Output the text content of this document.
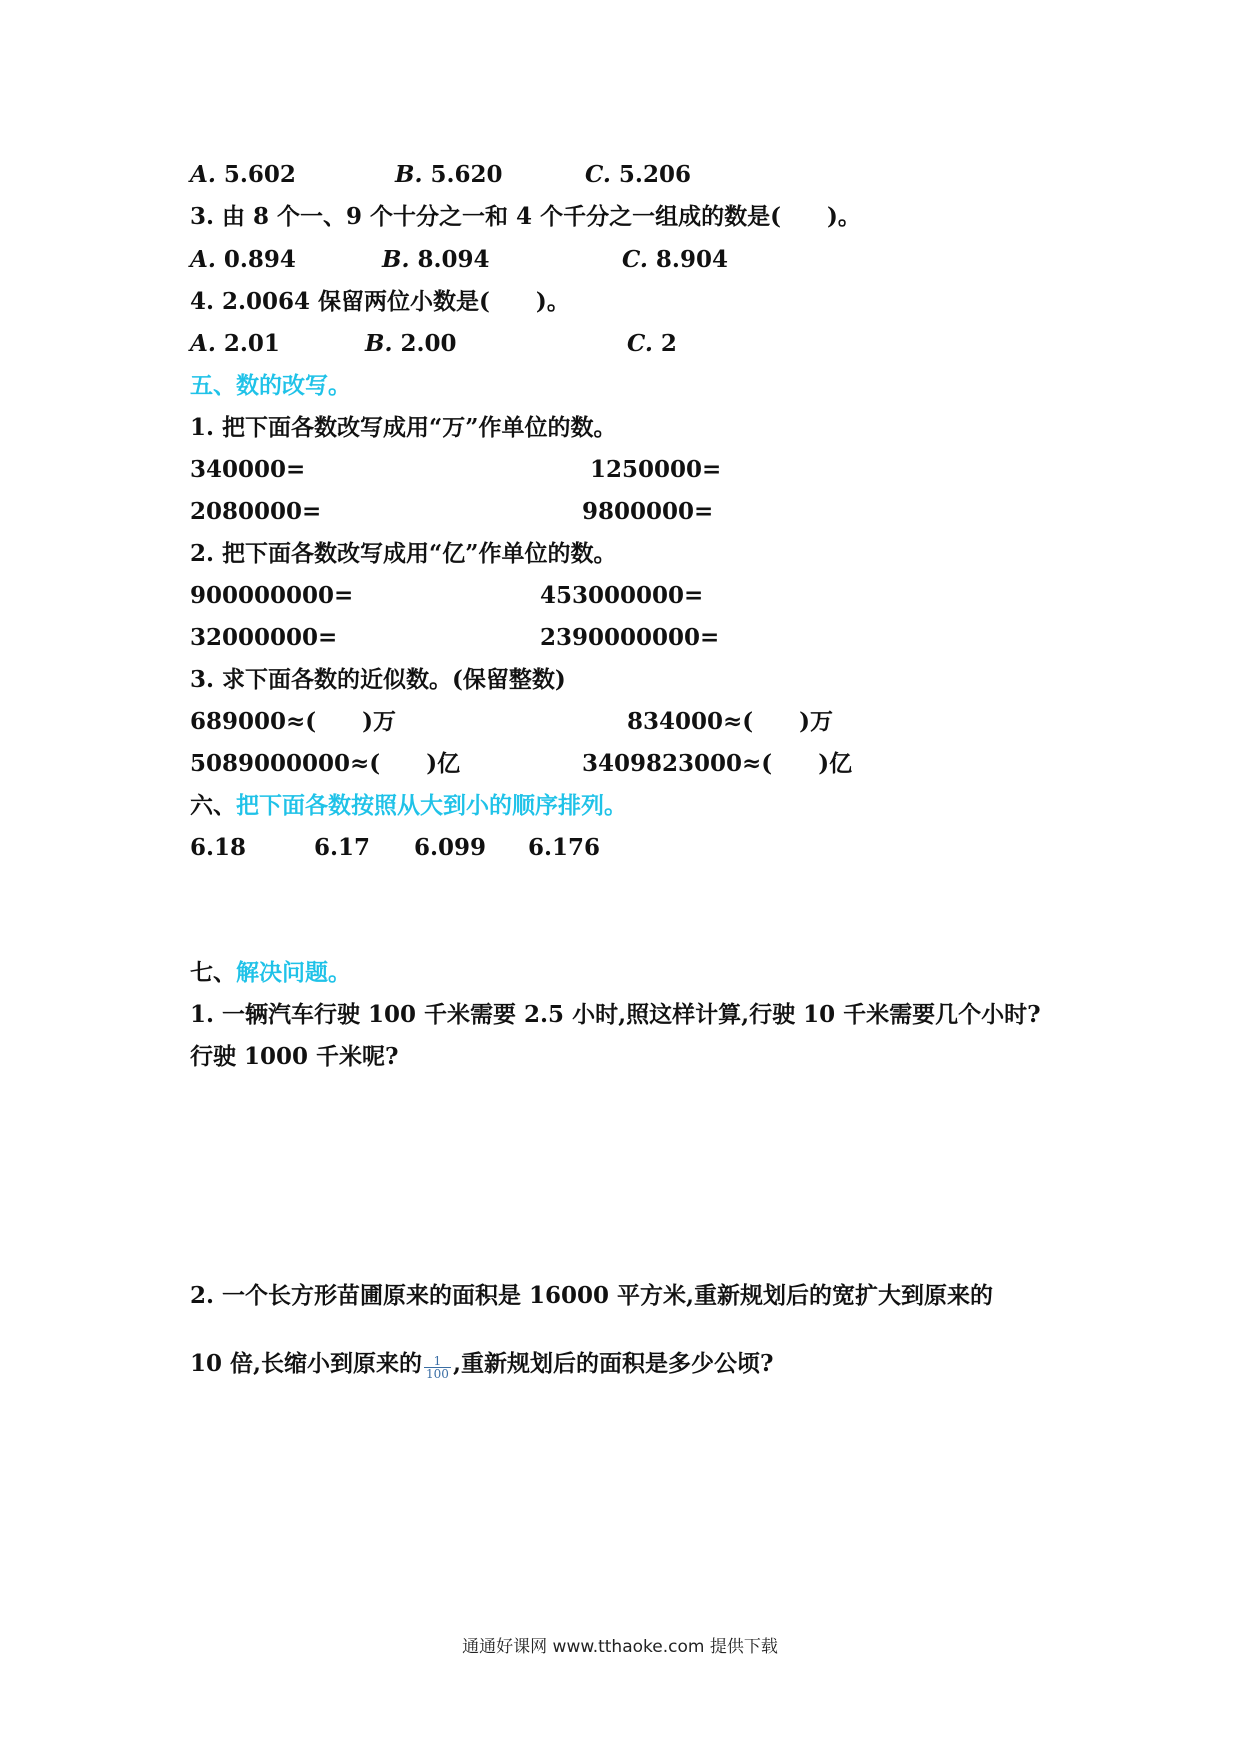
A. 5.602	B. 5.620	C. 5.206
3. 由 8 个一、9 个十分之一和 4 个千分之一组成的数是(　　)。
A. 0.894	B. 8.094	C. 8.904
4. 2.0064 保留两位小数是(　　)。
A. 2.01	B. 2.00	C. 2
五、数的改写。
1. 把下面各数改写成用“万”作单位的数。
340000=	1250000=
2080000=	9800000=
2. 把下面各数改写成用“亿”作单位的数。
900000000=	453000000=
32000000=	2390000000=
3. 求下面各数的近似数。(保留整数)
689000≈(　　)万	834000≈(　　)万
5089000000≈(　　)亿	3409823000≈(　　)亿
六、把下面各数按照从大到小的顺序排列。
6.18	6.17 6.099 6.176
七、解决问题。
1. 一辆汽车行驶 100 千米需要 2.5 小时,照这样计算,行驶 10 千米需要几个小时?
行驶 1000 千米呢?
2. 一个长方形苗圃原来的面积是 16000 平方米,重新规划后的宽扩大到原来的
10 倍,长缩小到原来的 $\frac{1}{100}$ ,重新规划后的面积是多少公顷?
通通好课网 www.tthaoke.com 提供下载
